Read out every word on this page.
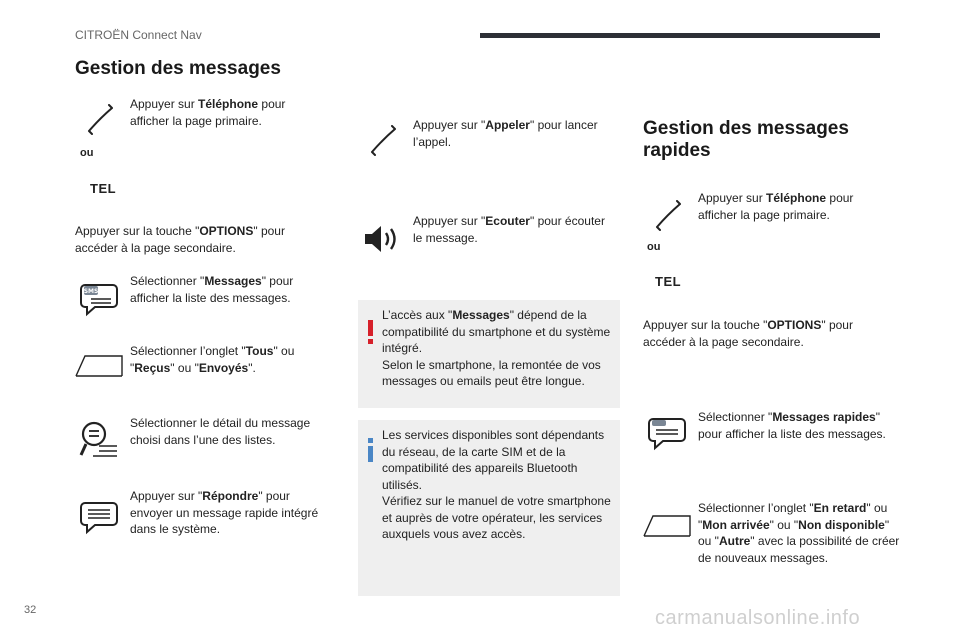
CITROËN Connect Nav
Gestion des messages
Appuyer sur Téléphone pour afficher la page primaire.
ou
TEL
Appuyer sur la touche "OPTIONS" pour accéder à la page secondaire.
SMS
Sélectionner "Messages" pour afficher la liste des messages.
Sélectionner l’onglet "Tous" ou "Reçus" ou "Envoyés".
Sélectionner le détail du message choisi dans l’une des listes.
Appuyer sur "Répondre" pour envoyer un message rapide intégré dans le système.
Appuyer sur "Appeler" pour lancer l’appel.
Appuyer sur "Ecouter" pour écouter le message.
L’accès aux "Messages" dépend de la compatibilité du smartphone et du système intégré.
Selon le smartphone, la remontée de vos messages ou emails peut être longue.
Les services disponibles sont dépendants du réseau, de la carte SIM et de la compatibilité des appareils Bluetooth utilisés.
Vérifiez sur le manuel de votre smartphone et auprès de votre opérateur, les services auxquels vous avez accès.
Gestion des messages rapides
Appuyer sur Téléphone pour afficher la page primaire.
ou
TEL
Appuyer sur la touche "OPTIONS" pour accéder à la page secondaire.
Sélectionner "Messages rapides" pour afficher la liste des messages.
Sélectionner l’onglet "En retard" ou "Mon arrivée" ou "Non disponible" ou "Autre" avec la possibilité de créer de nouveaux messages.
32	carmanualsonline.info
